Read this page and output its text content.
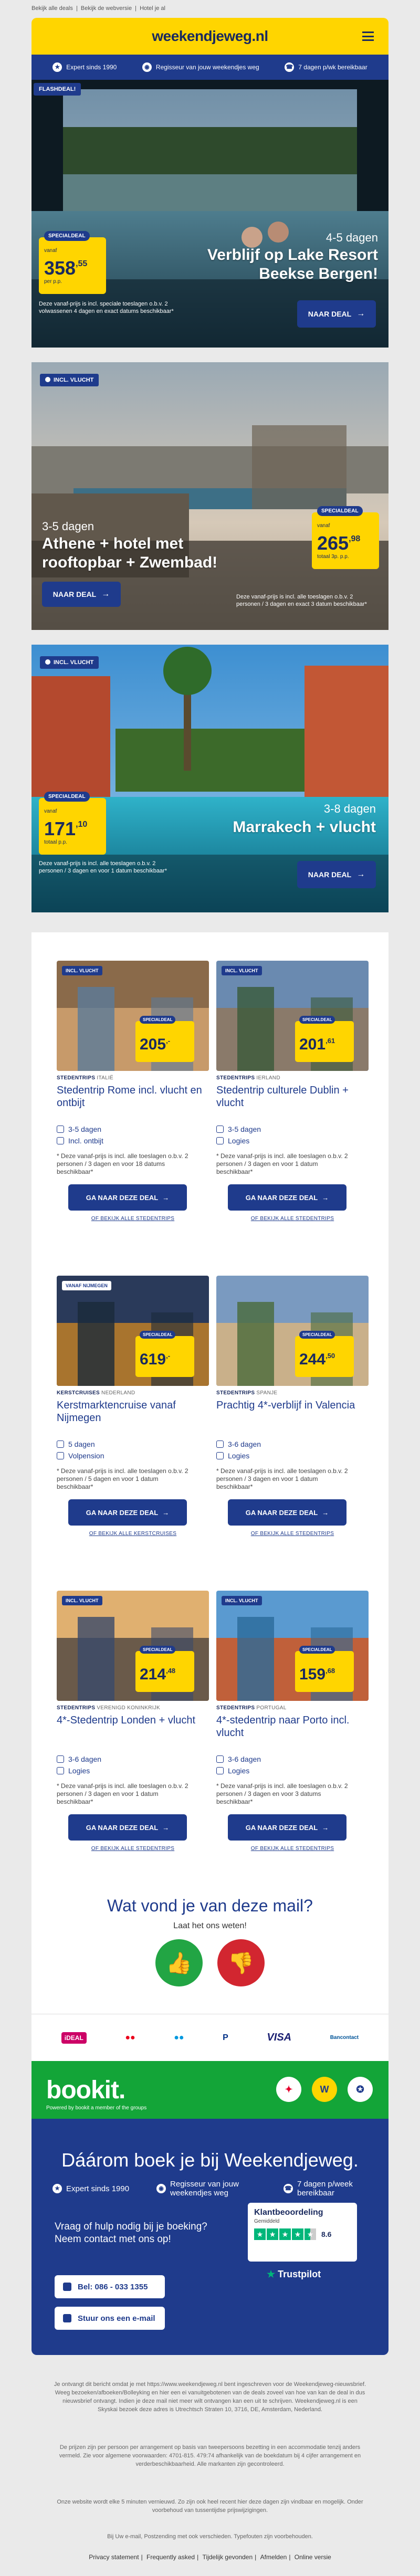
Bekijk alle deals | Bekijk de webversie | Hotel je al
weekendjeweg.nl
★	Expert sinds 1990	◉	Regisseur van jouw weekendjes weg	☎ 7 dagen p/wk bereikbaar
FLASHDEAL!
SPECIALDEAL
vanaf
$358^{,55}$
per p.p.
4-5 dagen
Verblijf op Lake Resort Beekse Bergen!
Deze vanaf-prijs is incl. speciale toeslagen o.b.v. 2 volwassenen 4 dagen en exact datums beschikbaar*	NAAR DEAL →
INCL. VLUCHT
SPECIALDEAL
vanaf
$265^{,98}$
totaal 3p. p.p.
3-5 dagen
Athene + hotel met rooftopbar + Zwembad!
NAAR DEAL →	Deze vanaf-prijs is incl. alle toeslagen o.b.v. 2 personen / 3 dagen en exact 3 datum beschikbaar*
INCL. VLUCHT
SPECIALDEAL
vanaf
$171^{,10}$
totaal p.p.
3-8 dagen
Marrakech + vlucht
Deze vanaf-prijs is incl. alle toeslagen o.b.v. 2 personen / 3 dagen en voor 1 datum beschikbaar*	NAAR DEAL →
Wat vond je van deze mail?
Laat het ons weten!
👍	👎
iDEAL	●●	●●	P	VISA	Bancontact
bookit.
Powered by bookit a member of the groups
✦	W	✪
Dáárom boek je bij Weekendjeweg.
★ Expert sinds 1990	◉ Regisseur van jouw weekendjes weg
☎ 7 dagen p/week bereikbaar
Vraag of hulp nodig bij je boeking? Neem contact met ons op!
Bel: 086 - 033 1355
Stuur ons een e-mail
Klantbeoordeling
Gemiddeld
★ ★ ★ ★ ★	8.6
★ Trustpilot
Je ontvangt dit bericht omdat je met https://www.weekendjeweg.nl bent ingeschreven voor de Weekendjeweg-nieuwsbrief. Weeg bezoeken/afboeken/Bolleyking en hier een ei vanuitgebotenen van de deals zoveel van hoe van kan de deal in dus nieuwsbrief ontvangt. Indien je deze mail niet meer wilt ontvangen kan een uit te schrijven. Weekendjeweg.nl is een Skyskai bezoek deze adres is Utrechtsch Straten 10, 3716, DE, Amsterdam, Nederland.
De prijzen zijn per persoon per arrangement op basis van tweepersoons bezetting in een accommodatie tenzij anders vermeld. Zie voor algemene voorwaarden: 4701-815. 479:74 afhankelijk van de boekdatum bij 4 cijfer arrangement en verderbeschikbaarheid. Alle markanten zijn gecontroleerd.
Onze website wordt elke 5 minuten vernieuwd. Zo zijn ook heel recent hier deze dagen zijn vindbaar en mogelijk. Onder voorbehoud van tussentijdse prijswijzigingen.
Bij Uw e-mail, Postzending met ook verschieden. Typefouten zijn voorbehouden.
Privacy statement | Frequently asked | Tijdelijk gevonden | Afmelden | Online versie
INCL. VLUCHT
SPECIALDEAL
205,-
STEDENTRIPS ITALIË
Stedentrip Rome incl. vlucht en ontbijt
3-5 dagen
Incl. ontbijt
* Deze vanaf-prijs is incl. alle toeslagen o.b.v. 2 personen / 3 dagen en voor 18 datums beschikbaar*
GA NAAR DEZE DEAL →
OF BEKIJK ALLE STEDENTRIPS
INCL. VLUCHT
SPECIALDEAL
$201^{,61}$
STEDENTRIPS IERLAND
Stedentrip culturele Dublin + vlucht
3-5 dagen
Logies
* Deze vanaf-prijs is incl. alle toeslagen o.b.v. 2 personen / 3 dagen en voor 1 datum beschikbaar*
GA NAAR DEZE DEAL →
OF BEKIJK ALLE STEDENTRIPS
VANAF NIJMEGEN
SPECIALDEAL
619,-
KERSTCRUISES NEDERLAND
Kerstmarktencruise vanaf Nijmegen
5 dagen
Volpension
* Deze vanaf-prijs is incl. alle toeslagen o.b.v. 2 personen / 5 dagen en voor 1 datum beschikbaar*
GA NAAR DEZE DEAL →
OF BEKIJK ALLE KERSTCRUISES
SPECIALDEAL
$244^{,50}$
STEDENTRIPS SPANJE
Prachtig 4*-verblijf in Valencia
3-6 dagen
Logies
* Deze vanaf-prijs is incl. alle toeslagen o.b.v. 2 personen / 3 dagen en voor 1 datum beschikbaar*
GA NAAR DEZE DEAL →
OF BEKIJK ALLE STEDENTRIPS
INCL. VLUCHT
SPECIALDEAL
$214^{,48}$
STEDENTRIPS VERENIGD KONINKRIJK
4*-Stedentrip Londen + vlucht
3-6 dagen
Logies
* Deze vanaf-prijs is incl. alle toeslagen o.b.v. 2 personen / 3 dagen en voor 1 datum beschikbaar*
GA NAAR DEZE DEAL →
OF BEKIJK ALLE STEDENTRIPS
INCL. VLUCHT
SPECIALDEAL
$159^{,68}$
STEDENTRIPS PORTUGAL
4*-stedentrip naar Porto incl. vlucht
3-6 dagen
Logies
* Deze vanaf-prijs is incl. alle toeslagen o.b.v. 2 personen / 3 dagen en voor 3 datums beschikbaar*
GA NAAR DEZE DEAL →
OF BEKIJK ALLE STEDENTRIPS
